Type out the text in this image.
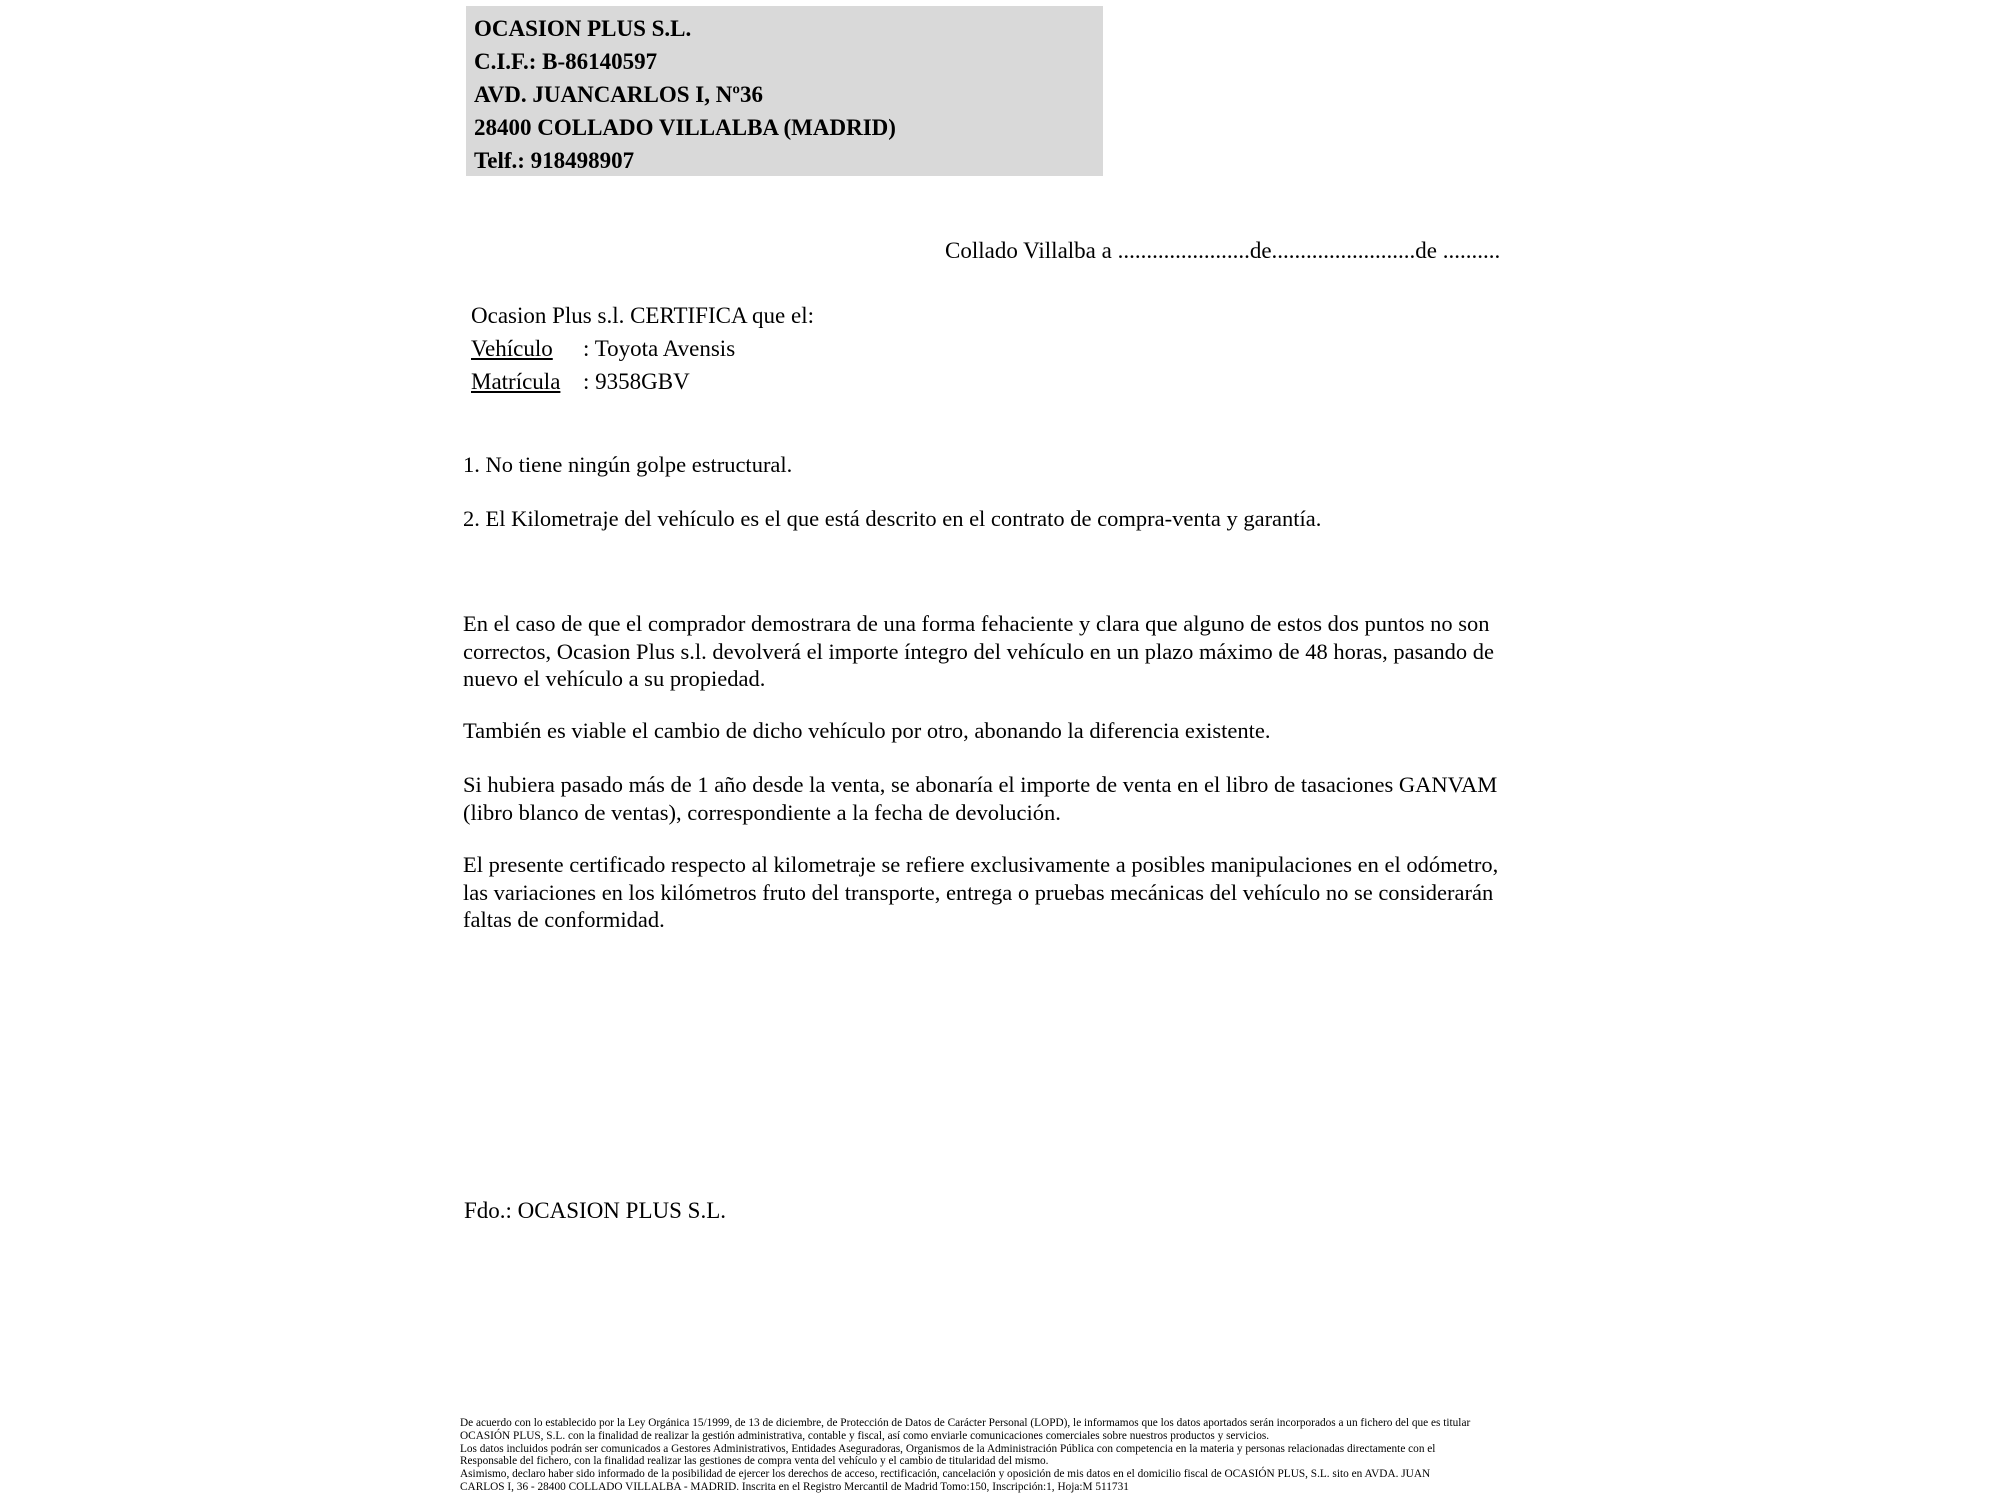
OCASION PLUS S.L.
C.I.F.: B-86140597
AVD. JUANCARLOS I, Nº36
28400 COLLADO VILLALBA (MADRID)
Telf.: 918498907
Collado Villalba a .......................de.........................de ..........
Ocasion Plus s.l. CERTIFICA que el:
Vehículo : Toyota Avensis
Matrícula : 9358GBV
1. No tiene ningún golpe estructural.
2. El Kilometraje del vehículo es el que está descrito en el contrato de compra-venta y garantía.
En el caso de que el comprador demostrara de una forma fehaciente y clara que alguno de estos dos puntos no son correctos, Ocasion Plus s.l. devolverá el importe íntegro del vehículo en un plazo máximo de 48 horas, pasando de nuevo el vehículo a su propiedad.
También es viable el cambio de dicho vehículo por otro, abonando la diferencia existente.
Si hubiera pasado más de 1 año desde la venta, se abonaría el importe de venta en el libro de tasaciones GANVAM (libro blanco de ventas), correspondiente a la fecha de devolución.
El presente certificado respecto al kilometraje se refiere exclusivamente a posibles manipulaciones en el odómetro, las variaciones en los kilómetros fruto del transporte, entrega o pruebas mecánicas del vehículo no se considerarán faltas de conformidad.
Fdo.: OCASION PLUS S.L.
De acuerdo con lo establecido por la Ley Orgánica 15/1999, de 13 de diciembre, de Protección de Datos de Carácter Personal (LOPD), le informamos que los datos aportados serán incorporados a un fichero del que es titular
OCASIÓN PLUS, S.L. con la finalidad de realizar la gestión administrativa, contable y fiscal, así como enviarle comunicaciones comerciales sobre nuestros productos y servicios.
Los datos incluidos podrán ser comunicados a Gestores Administrativos, Entidades Aseguradoras, Organismos de la Administración Pública con competencia en la materia y personas relacionadas directamente con el
Responsable del fichero, con la finalidad realizar las gestiones de compra venta del vehículo y el cambio de titularidad del mismo.
Asimismo, declaro haber sido informado de la posibilidad de ejercer los derechos de acceso, rectificación, cancelación y oposición de mis datos en el domicilio fiscal de OCASIÓN PLUS, S.L. sito en AVDA. JUAN
CARLOS I, 36 - 28400 COLLADO VILLALBA - MADRID. Inscrita en el Registro Mercantil de Madrid Tomo:150, Inscripción:1, Hoja:M 511731
